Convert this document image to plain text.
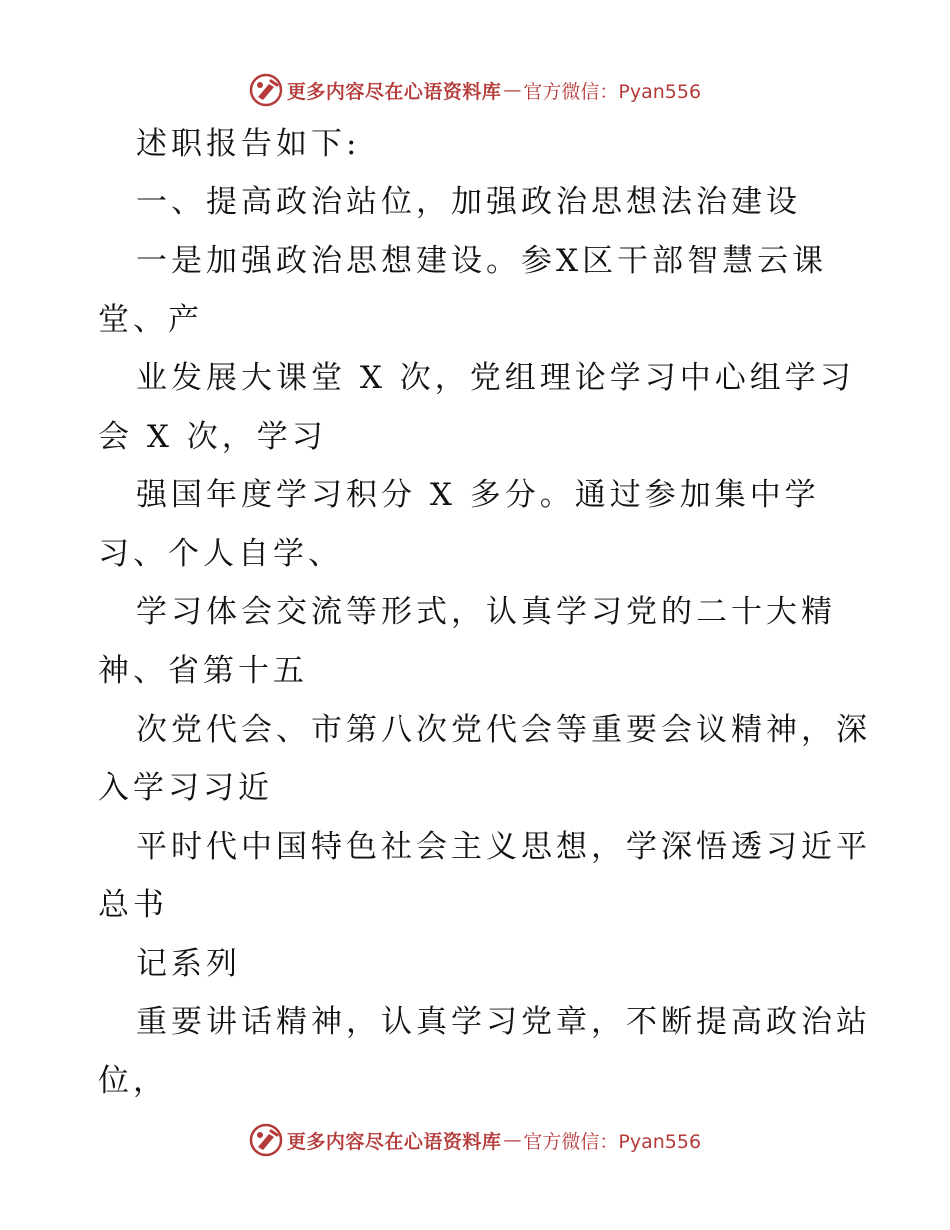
更多内容尽在心语资料库 — 官方微信：Pyan556
述职报告如下:
一、提高政治站位，加强政治思想法治建设
一是加强政治思想建设。参X区干部智慧云课
堂、产
业发展大课堂 X 次，党组理论学习中心组学习
会 X 次，学习
强国年度学习积分 X 多分。通过参加集中学
习、个人自学、
学习体会交流等形式，认真学习党的二十大精
神、省第十五
次党代会、市第八次党代会等重要会议精神，深
入学习习近
平时代中国特色社会主义思想，学深悟透习近平
总书
记系列
重要讲话精神，认真学习党章，不断提高政治站
位，
更多内容尽在心语资料库 — 官方微信：Pyan556
